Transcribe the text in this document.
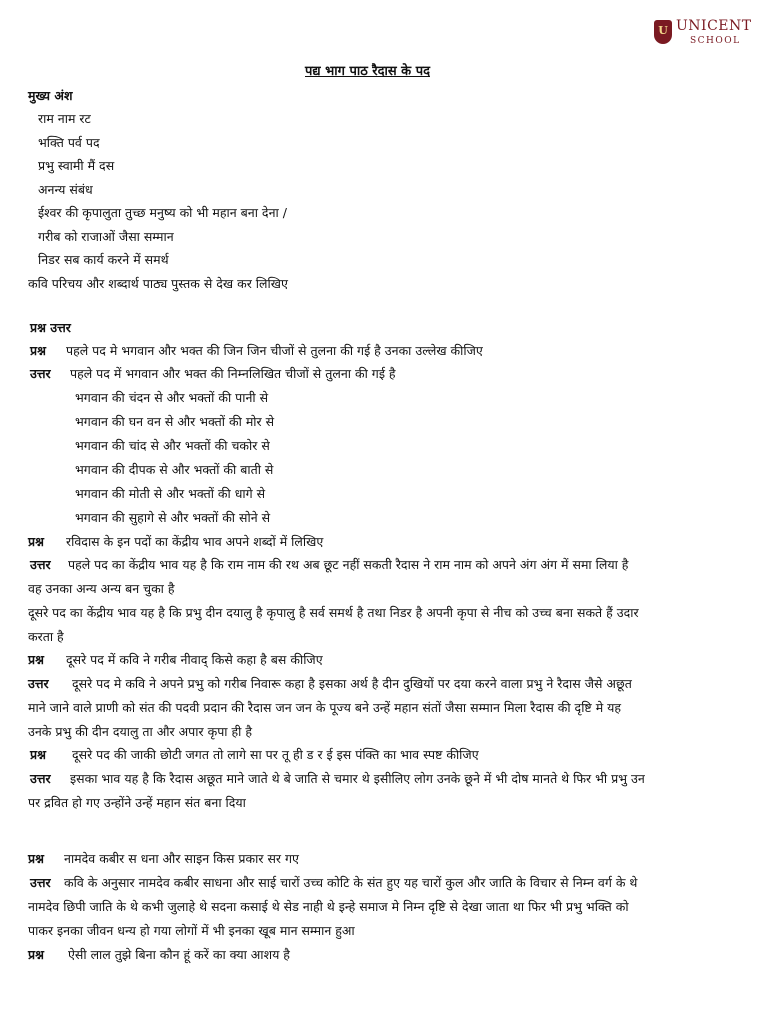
U UNICENT
SCHOOL
पद्य भाग पाठ रैदास के पद
मुख्य अंश
राम नाम रट
भक्ति पर्व पद
प्रभु स्वामी मैं दस
अनन्य संबंध
ईश्वर की कृपालुता तुच्छ मनुष्य को भी महान बना देना /
गरीब को राजाओं जैसा सम्मान
निडर सब कार्य करने में समर्थ
कवि परिचय और शब्दार्थ पाठ्य पुस्तक से देख कर लिखिए
प्रश्न उत्तर
प्रश्न पहले पद मे भगवान और भक्त की जिन जिन चीजों से तुलना की गई है उनका उल्लेख कीजिए
उत्तर पहले पद में भगवान और भक्त की निम्नलिखित चीजों से तुलना की गई है
भगवान की चंदन से और भक्तों की पानी से
भगवान की घन वन से और भक्तों की मोर से
भगवान की चांद से और भक्तों की चकोर से
भगवान की दीपक से और भक्तों की बाती से
भगवान की मोती से और भक्तों की धागे से
भगवान की सुहागे से और भक्तों की सोने से
प्रश्न रविदास के इन पदों का केंद्रीय भाव अपने शब्दों में लिखिए
उत्तर पहले पद का केंद्रीय भाव यह है कि राम नाम की रथ अब छूट नहीं सकती रैदास ने राम नाम को अपने अंग अंग में समा लिया है
वह उनका अन्य अन्य बन चुका है
दूसरे पद का केंद्रीय भाव यह है कि प्रभु दीन दयालु है कृपालु है सर्व समर्थ है तथा निडर है अपनी कृपा से नीच को उच्च बना सकते हैं उदार
करता है
प्रश्न दूसरे पद में कवि ने गरीब नीवाद् किसे कहा है बस कीजिए
उत्तर दूसरे पद मे कवि ने अपने प्रभु को गरीब निवारू कहा है इसका अर्थ है दीन दुखियों पर दया करने वाला प्रभु ने रैदास जैसे अछूत
माने जाने वाले प्राणी को संत की पदवी प्रदान की रैदास जन जन के पूज्य बने उन्हें महान संतों जैसा सम्मान मिला रैदास की दृष्टि मे यह
उनके प्रभु की दीन दयालु ता और अपार कृपा ही है
प्रश्न दूसरे पद की जाकी छोटी जगत तो लागे सा पर तू ही ड र ई इस पंक्ति का भाव स्पष्ट कीजिए
उत्तर इसका भाव यह है कि रैदास अछूत माने जाते थे बे जाति से चमार थे इसीलिए लोग उनके छूने में भी दोष मानते थे फिर भी प्रभु उन
पर द्रवित हो गए उन्होंने उन्हें महान संत बना दिया
प्रश्न नामदेव कबीर स धना और साइन किस प्रकार सर गए
उत्तर कवि के अनुसार नामदेव कबीर साधना और साई चारों उच्च कोटि के संत हुए यह चारों कुल और जाति के विचार से निम्न वर्ग के थे
नामदेव छिपी जाति के थे कभी जुलाहे थे सदना कसाई थे सेड नाही थे इन्हे समाज मे निम्न दृष्टि से देखा जाता था फिर भी प्रभु भक्ति को
पाकर इनका जीवन धन्य हो गया लोगों में भी इनका खूब मान सम्मान हुआ
प्रश्न ऐसी लाल तुझे बिना कौन हूं करें का क्या आशय है
